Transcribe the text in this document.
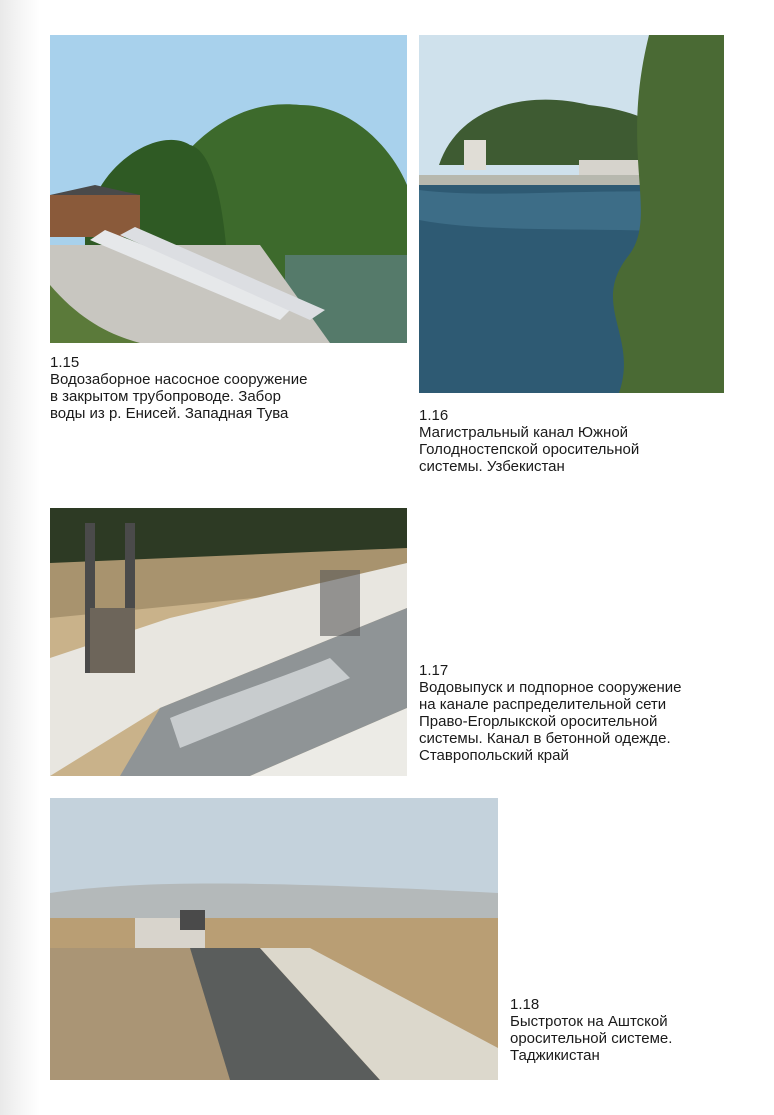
1.15
Водозаборное насосное сооружение
в закрытом трубопроводе. Забор
воды из р. Енисей. Западная Тува	1.16
Магистральный канал Южной
Голодностепской оросительной
системы. Узбекистан
1.17
Водовыпуск и подпорное сооружение
на канале распределительной сети
Право-Егорлыкской оросительной
системы. Канал в бетонной одежде.
Ставропольский край
1.18
Быстроток на Аштской
оросительной системе.
Таджикистан
